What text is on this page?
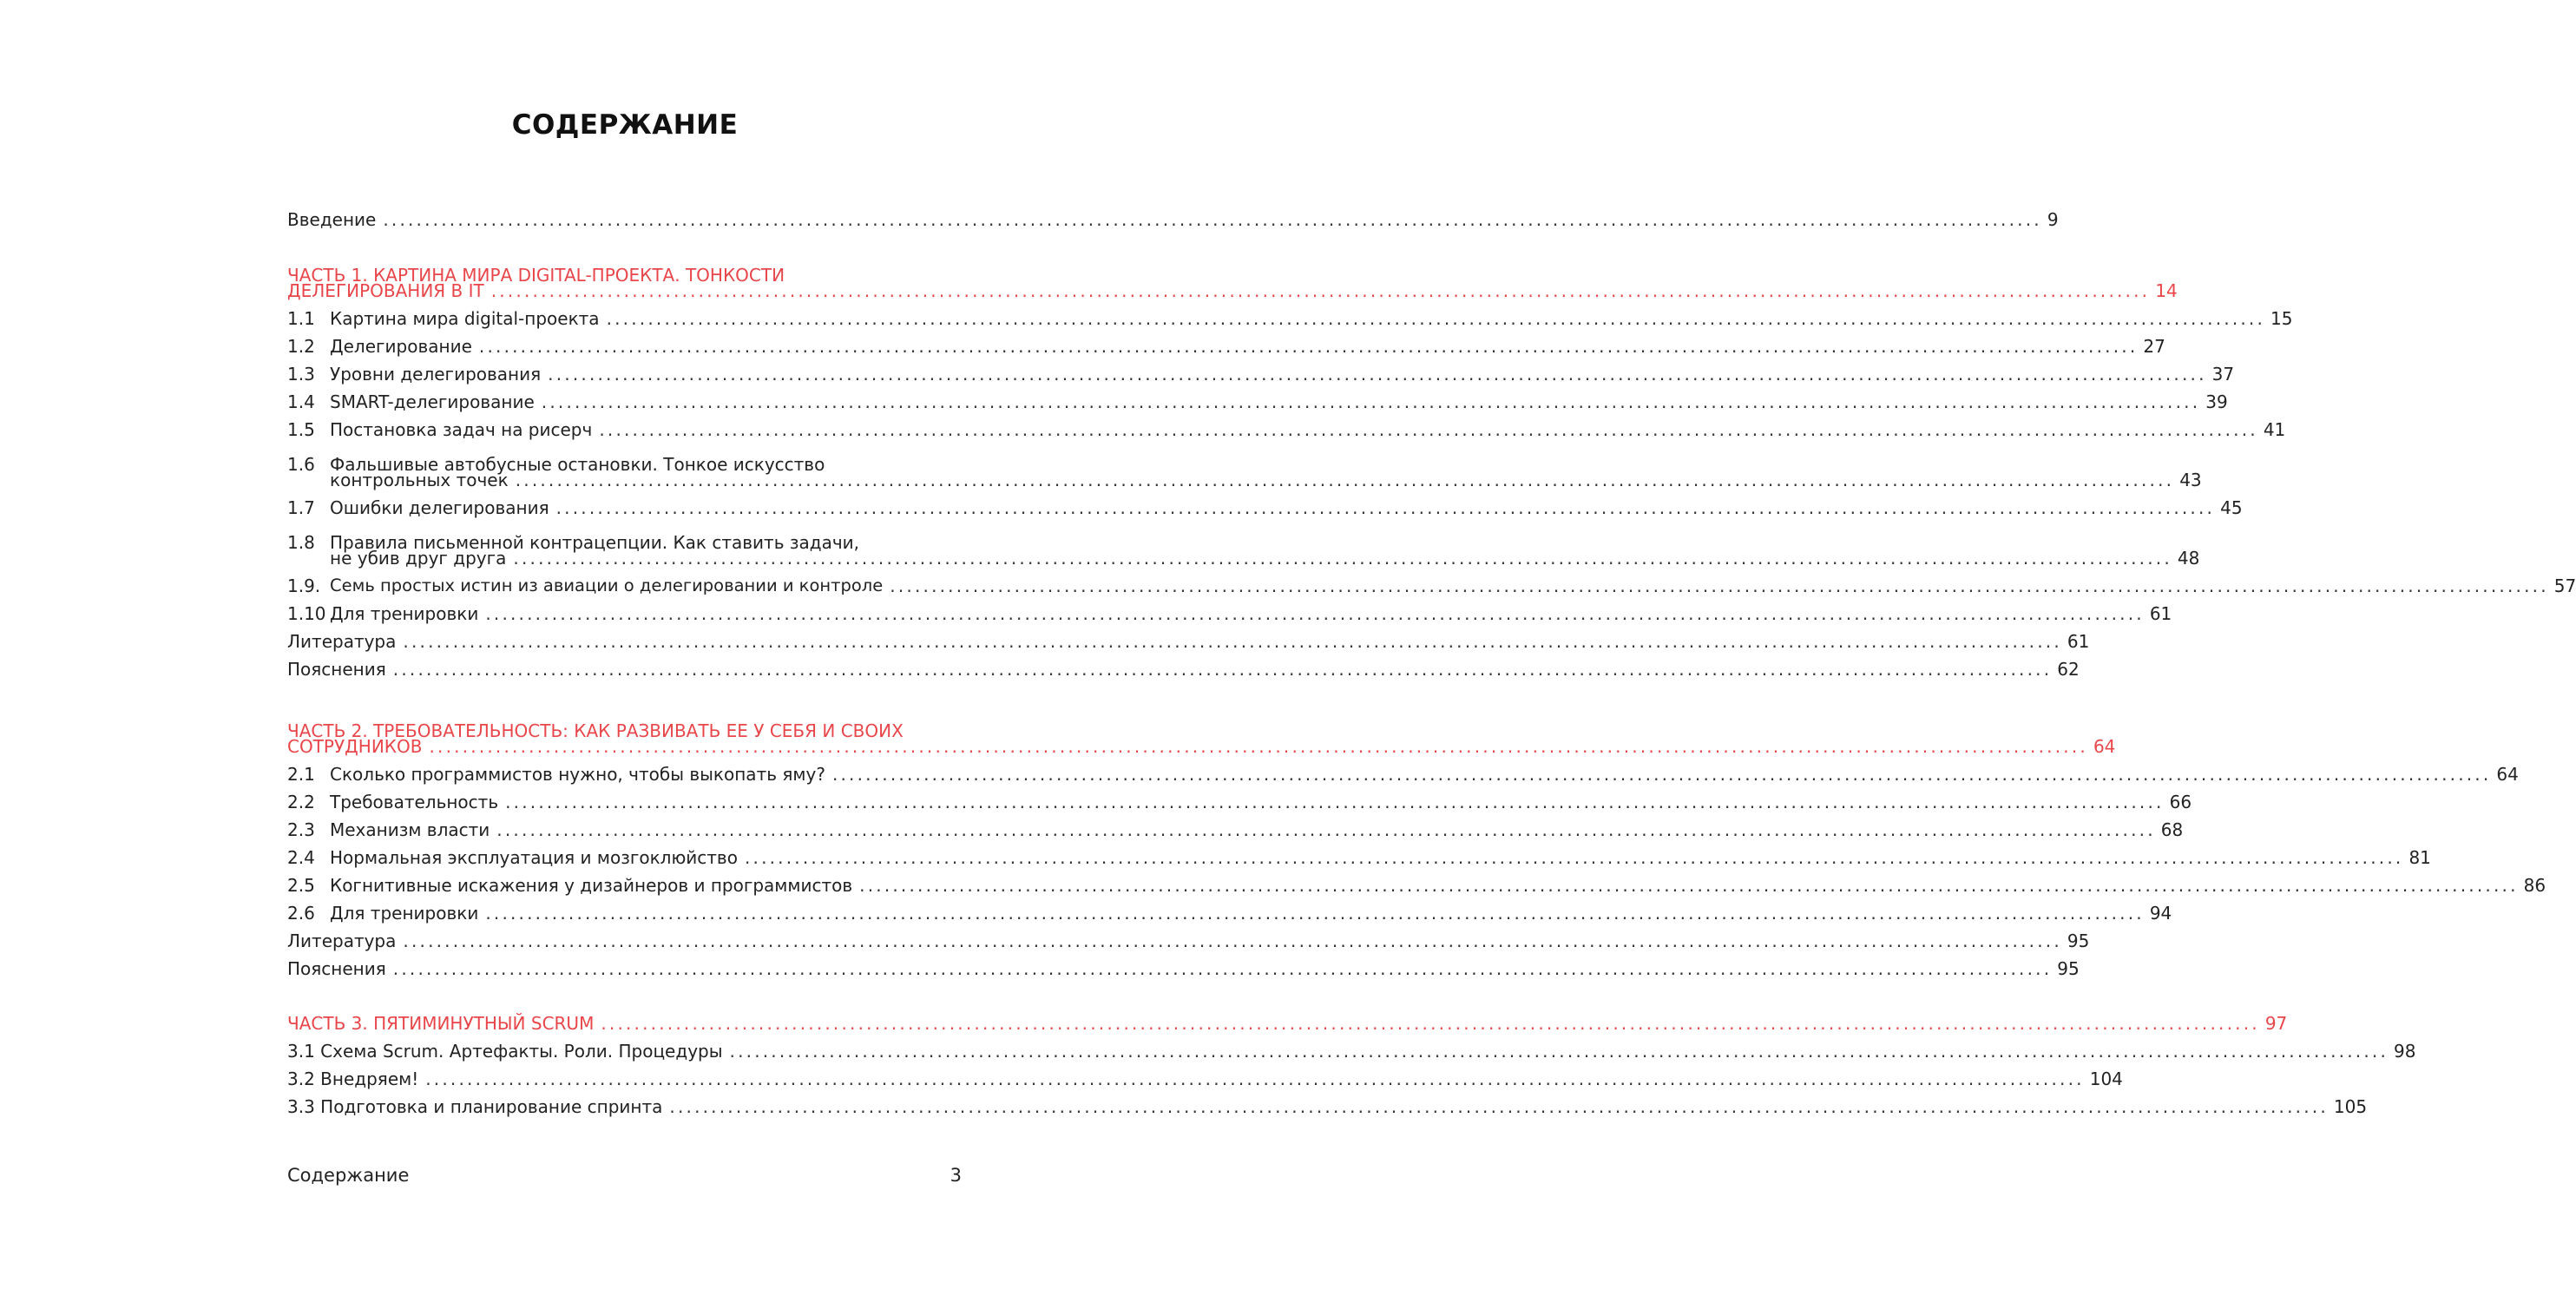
СОДЕРЖАНИЕ
Введение ........................................................................................................................................................................................................ 9
ЧАСТЬ 1. КАРТИНА МИРА DIGITAL-ПРОЕКТА. ТОНКОСТИ
ДЕЛЕГИРОВАНИЯ В IT ........................................................................................................................................................................................................ 14
1.1 Картина мира digital-проекта ........................................................................................................................................................................................................ 15
1.2 Делегирование ........................................................................................................................................................................................................ 27
1.3 Уровни делегирования ........................................................................................................................................................................................................ 37
1.4 SMART-делегирование ........................................................................................................................................................................................................ 39
1.5 Постановка задач на рисерч ........................................................................................................................................................................................................ 41
1.6 Фальшивые автобусные остановки. Тонкое искусство
контрольных точек ........................................................................................................................................................................................................ 43
1.7 Ошибки делегирования ........................................................................................................................................................................................................ 45
1.8 Правила письменной контрацепции. Как ставить задачи,
не убив друг друга ........................................................................................................................................................................................................ 48
1.9. Семь простых истин из авиации о делегировании и контроле ........................................................................................................................................................................................................ 57
1.10 Для тренировки ........................................................................................................................................................................................................ 61
Литература ........................................................................................................................................................................................................ 61
Пояснения ........................................................................................................................................................................................................ 62
ЧАСТЬ 2. ТРЕБОВАТЕЛЬНОСТЬ: КАК РАЗВИВАТЬ ЕЕ У СЕБЯ И СВОИХ
СОТРУДНИКОВ ........................................................................................................................................................................................................ 64
2.1 Сколько программистов нужно, чтобы выкопать яму? ........................................................................................................................................................................................................ 64
2.2 Требовательность ........................................................................................................................................................................................................ 66
2.3 Механизм власти ........................................................................................................................................................................................................ 68
2.4 Нормальная эксплуатация и мозгоклюйство ........................................................................................................................................................................................................ 81
2.5 Когнитивные искажения у дизайнеров и программистов ........................................................................................................................................................................................................ 86
2.6 Для тренировки ........................................................................................................................................................................................................ 94
Литература ........................................................................................................................................................................................................ 95
Пояснения ........................................................................................................................................................................................................ 95
ЧАСТЬ 3. ПЯТИМИНУТНЫЙ SCRUM ........................................................................................................................................................................................................ 97
3.1 Схема Scrum. Артефакты. Роли. Процедуры ........................................................................................................................................................................................................ 98
3.2 Внедряем! ........................................................................................................................................................................................................ 104
3.3 Подготовка и планирование спринта ........................................................................................................................................................................................................ 105
Содержание	3
